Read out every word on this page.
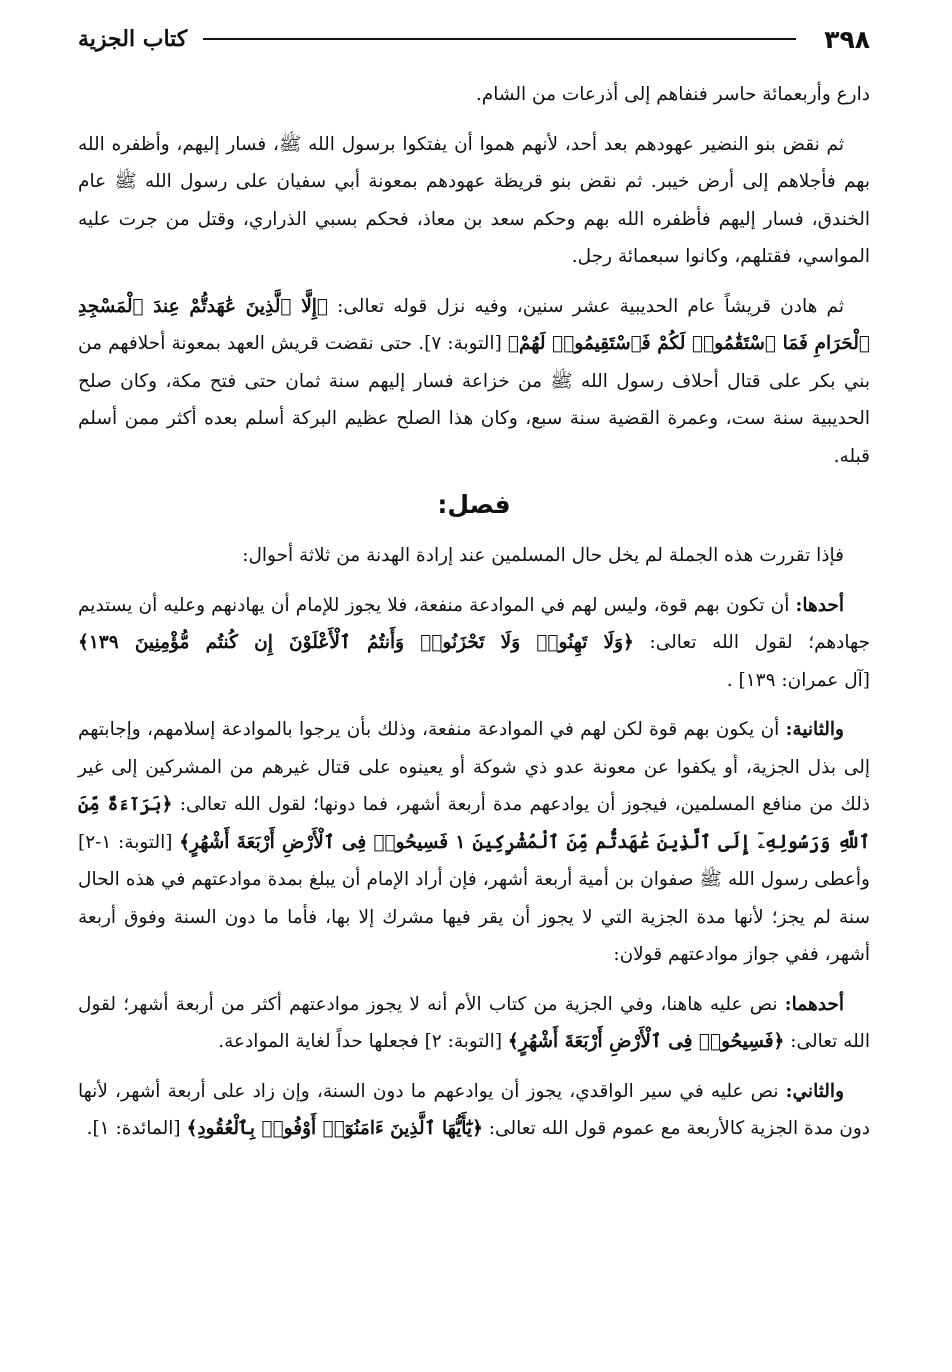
٣٩٨
كتاب الجزية

دارع وأربعمائة حاسر فنفاهم إلى أذرعات من الشام.

ثم نقض بنو النضير عهودهم بعد أحد، لأنهم هموا أن يفتكوا برسول الله ﷺ، فسار إليهم، وأظفره الله بهم فأجلاهم إلى أرض خيبر. ثم نقض بنو قريظة عهودهم بمعونة أبي سفيان على رسول الله ﷺ عام الخندق، فسار إليهم فأظفره الله بهم وحكم سعد بن معاذ، فحكم بسبي الذراري، وقتل من جرت عليه المواسي، فقتلهم، وكانوا سبعمائة رجل.

ثم هادن قريشاً عام الحديبية عشر سنين، وفيه نزل قوله تعالى: ﴿إِلَّا ٱلَّذِينَ عَٰهَدتُّمْ عِندَ ٱلْمَسْجِدِ ٱلْحَرَامِ فَمَا ٱسْتَقَٰمُوا۟ لَكُمْ فَٱسْتَقِيمُوا۟ لَهُمْ﴾ [التوبة: ٧]. حتى نقضت قريش العهد بمعونة أحلافهم من بني بكر على قتال أحلاف رسول الله ﷺ من خزاعة فسار إليهم سنة ثمان حتى فتح مكة، وكان صلح الحديبية سنة ست، وعمرة القضية سنة سبع، وكان هذا الصلح عظيم البركة أسلم بعده أكثر ممن أسلم قبله.

فصل:

فإذا تقررت هذه الجملة لم يخل حال المسلمين عند إرادة الهدنة من ثلاثة أحوال:

أحدها: أن تكون بهم قوة، وليس لهم في الموادعة منفعة، فلا يجوز للإمام أن يهادنهم وعليه أن يستديم جهادهم؛ لقول الله تعالى: ﴿وَلَا تَهِنُوا۟ وَلَا تَحْزَنُوا۟ وَأَنتُمُ ٱلْأَعْلَوْنَ إِن كُنتُم مُّؤْمِنِينَ ١٣٩﴾ [آل عمران: ١٣٩] .

والثانية: أن يكون بهم قوة لكن لهم في الموادعة منفعة، وذلك بأن يرجوا بالموادعة إسلامهم، وإجابتهم إلى بذل الجزية، أو يكفوا عن معونة عدو ذي شوكة أو يعينوه على قتال غيرهم من المشركين إلى غير ذلك من منافع المسلمين، فيجوز أن يوادعهم مدة أربعة أشهر، فما دونها؛ لقول الله تعالى: ﴿بَرَآءَةٌ مِّنَ ٱللَّهِ وَرَسُولِهِۦٓ إِلَى ٱلَّذِينَ عَٰهَدتُّم مِّنَ ٱلْمُشْرِكِينَ ١ فَسِيحُوا۟ فِى ٱلْأَرْضِ أَرْبَعَةَ أَشْهُرٍ﴾ [التوبة: ١-٢] وأعطى رسول الله ﷺ صفوان بن أمية أربعة أشهر، فإن أراد الإمام أن يبلغ بمدة موادعتهم في هذه الحال سنة لم يجز؛ لأنها مدة الجزية التي لا يجوز أن يقر فيها مشرك إلا بها، فأما ما دون السنة وفوق أربعة أشهر، ففي جواز موادعتهم قولان:

أحدهما: نص عليه هاهنا، وفي الجزية من كتاب الأم أنه لا يجوز موادعتهم أكثر من أربعة أشهر؛ لقول الله تعالى: ﴿فَسِيحُوا۟ فِى ٱلْأَرْضِ أَرْبَعَةَ أَشْهُرٍ﴾ [التوبة: ٢] فجعلها حداً لغاية الموادعة.

والثاني: نص عليه في سير الواقدي، يجوز أن يوادعهم ما دون السنة، وإن زاد على أربعة أشهر، لأنها دون مدة الجزية كالأربعة مع عموم قول الله تعالى: ﴿يَٰٓأَيُّهَا ٱلَّذِينَ ءَامَنُوٓا۟ أَوْفُوا۟ بِٱلْعُقُودِ﴾ [المائدة: ١].
